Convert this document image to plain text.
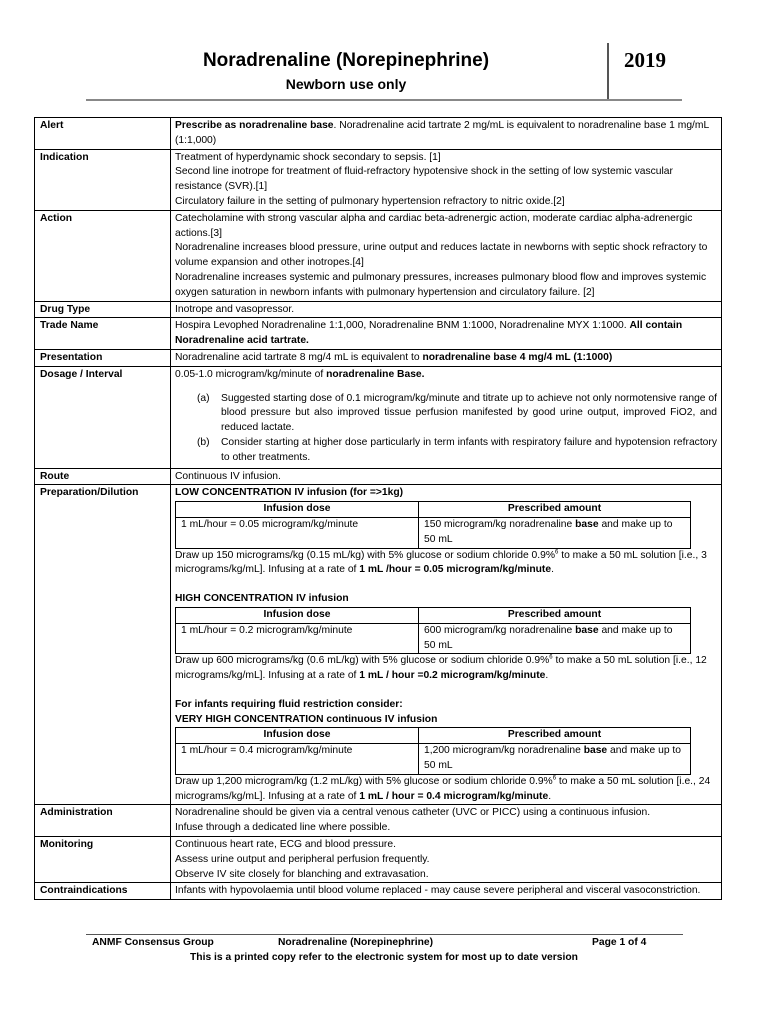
Noradrenaline (Norepinephrine)
Newborn use only
2019
Alert	Prescribe as noradrenaline base. Noradrenaline acid tartrate 2 mg/mL is equivalent to noradrenaline base 1 mg/mL (1:1,000)
Indication	Treatment of hyperdynamic shock secondary to sepsis. [1]

Second line inotrope for treatment of fluid-refractory hypotensive shock in the setting of low systemic vascular resistance (SVR).[1]

Circulatory failure in the setting of pulmonary hypertension refractory to nitric oxide.[2]

Action	Catecholamine with strong vascular alpha and cardiac beta-adrenergic action, moderate cardiac alpha-adrenergic actions.[3]

Noradrenaline increases blood pressure, urine output and reduces lactate in newborns with septic shock refractory to volume expansion and other inotropes.[4]

Noradrenaline increases systemic and pulmonary pressures, increases pulmonary blood flow and improves systemic oxygen saturation in newborn infants with pulmonary hypertension and circulatory failure. [2]

Drug Type	Inotrope and vasopressor.
Trade Name	Hospira Levophed Noradrenaline 1:1,000, Noradrenaline BNM 1:1000, Noradrenaline MYX 1:1000. All contain Noradrenaline acid tartrate.
Presentation	Noradrenaline acid tartrate 8 mg/4 mL is equivalent to noradrenaline base 4 mg/4 mL (1:1000)
Dosage / Interval	0.05-1.0 microgram/kg/minute of noradrenaline Base.

(a) Suggested starting dose of 0.1 microgram/kg/minute and titrate up to achieve not only normotensive range of blood pressure but also improved tissue perfusion manifested by good urine output, improved FiO2, and reduced lactate.
(b) Consider starting at higher dose particularly in term infants with respiratory failure and hypotension refractory to other treatments.

Route	Continuous IV infusion.
Preparation/Dilution	LOW CONCENTRATION IV infusion (for =>1kg)

Infusion dose	Prescribed amount
1 mL/hour = 0.05 microgram/kg/minute	150 microgram/kg noradrenaline base and make up to 50 mL

Draw up 150 micrograms/kg (0.15 mL/kg) with 5% glucose or sodium chloride 0.9%$^6$ to make a 50 mL solution [i.e., 3 micrograms/kg/mL]. Infusing at a rate of 1 mL /hour = 0.05 microgram/kg/minute.

HIGH CONCENTRATION IV infusion

Infusion dose	Prescribed amount
1 mL/hour = 0.2 microgram/kg/minute	600 microgram/kg noradrenaline base and make up to 50 mL

Draw up 600 micrograms/kg (0.6 mL/kg) with 5% glucose or sodium chloride 0.9%$^6$ to make a 50 mL solution [i.e., 12 micrograms/kg/mL]. Infusing at a rate of 1 mL / hour =0.2 microgram/kg/minute.

For infants requiring fluid restriction consider:

VERY HIGH CONCENTRATION continuous IV infusion

Infusion dose	Prescribed amount
1 mL/hour = 0.4 microgram/kg/minute	1,200 microgram/kg noradrenaline base and make up to 50 mL

Draw up 1,200 microgram/kg (1.2 mL/kg) with 5% glucose or sodium chloride 0.9%$^6$ to make a 50 mL solution [i.e., 24 micrograms/kg/mL]. Infusing at a rate of 1 mL / hour = 0.4 microgram/kg/minute.

Administration	Noradrenaline should be given via a central venous catheter (UVC or PICC) using a continuous infusion.

Infuse through a dedicated line where possible.

Monitoring	Continuous heart rate, ECG and blood pressure.

Assess urine output and peripheral perfusion frequently.

Observe IV site closely for blanching and extravasation.

Contraindications	Infants with hypovolaemia until blood volume replaced - may cause severe peripheral and visceral vasoconstriction.
ANMF Consensus Group	Noradrenaline (Norepinephrine)	Page 1 of 4
This is a printed copy refer to the electronic system for most up to date version
